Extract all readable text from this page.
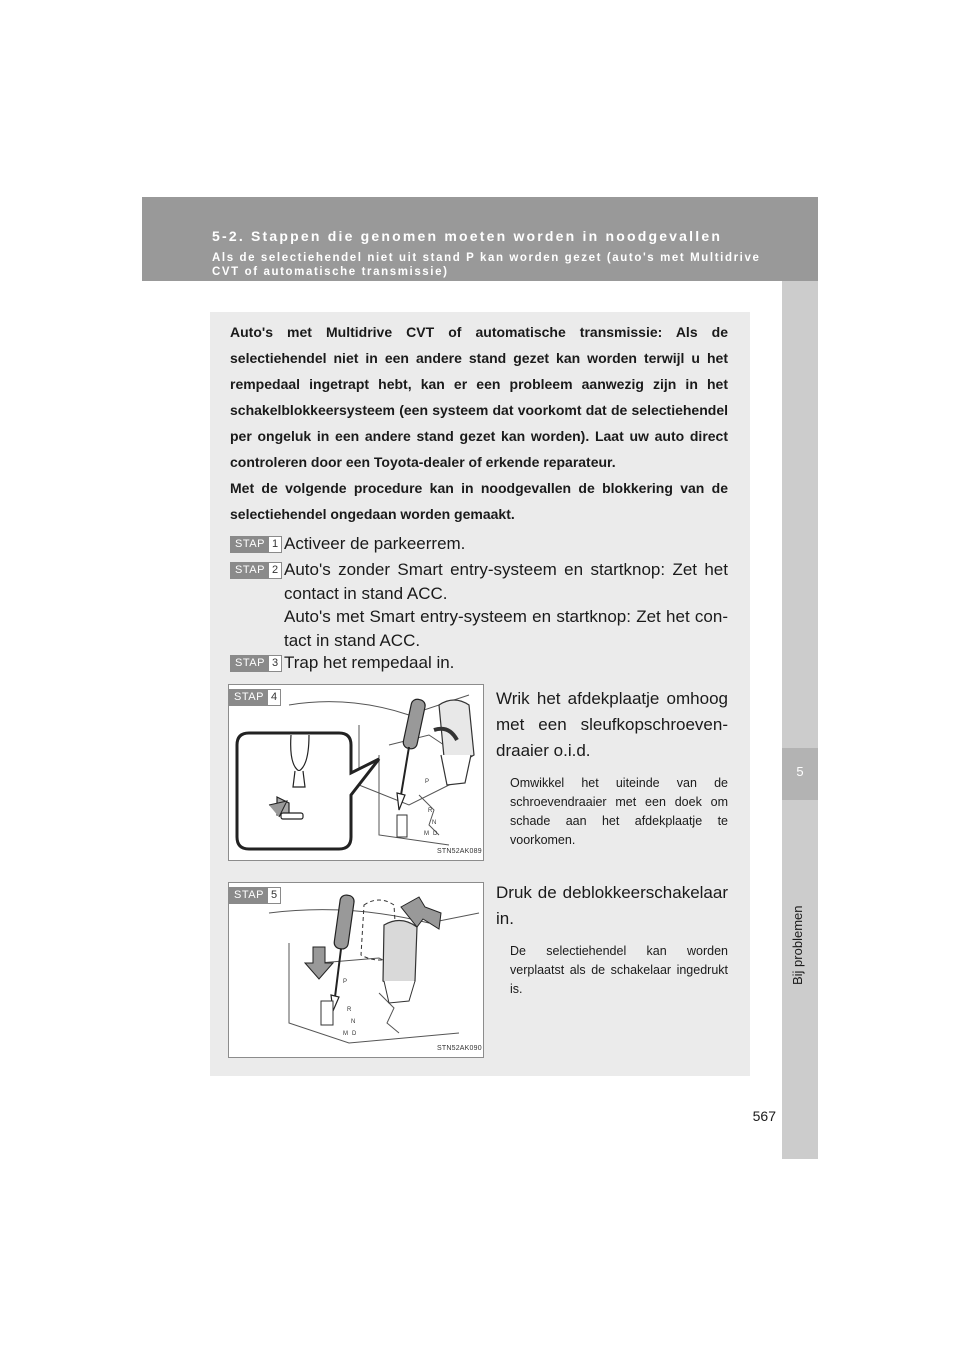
5-2. Stappen die genomen moeten worden in noodgevallen
Als de selectiehendel niet uit stand P kan worden gezet (auto's met Multidrive CVT of automatische transmissie)
5
Bij problemen
567

Auto's met Multidrive CVT of automatische transmissie: Als de selectiehendel niet in een andere stand gezet kan worden terwijl u het rempedaal ingetrapt hebt, kan er een probleem aanwezig zijn in het schakelblokkeersysteem (een systeem dat voorkomt dat de selectiehendel per ongeluk in een andere stand gezet kan worden). Laat uw auto direct controleren door een Toyota-dealer of erkende reparateur.

Met de volgende procedure kan in noodgevallen de blokkering van de selectiehendel ongedaan worden gemaakt.

STAP 1 Activeer de parkeerrem.

STAP 2 Auto's zonder Smart entry-systeem en startknop: Zet het contact in stand ACC.

Auto's met Smart entry-systeem en startknop: Zet het con-tact in stand ACC.

STAP 3 Trap het rempedaal in.

STAP 4
P
R
N
D
M
STN52AK089

Wrik het afdekplaatje omhoog met een sleufkopschroeven-draaier o.i.d.

Omwikkel het uiteinde van de schroevendraaier met een doek om schade aan het afdekplaatje te voorkomen.

STAP 5
P
R
N
D
M
STN52AK090

Druk de deblokkeerschakelaar in.

De selectiehendel kan worden verplaatst als de schakelaar ingedrukt is.
